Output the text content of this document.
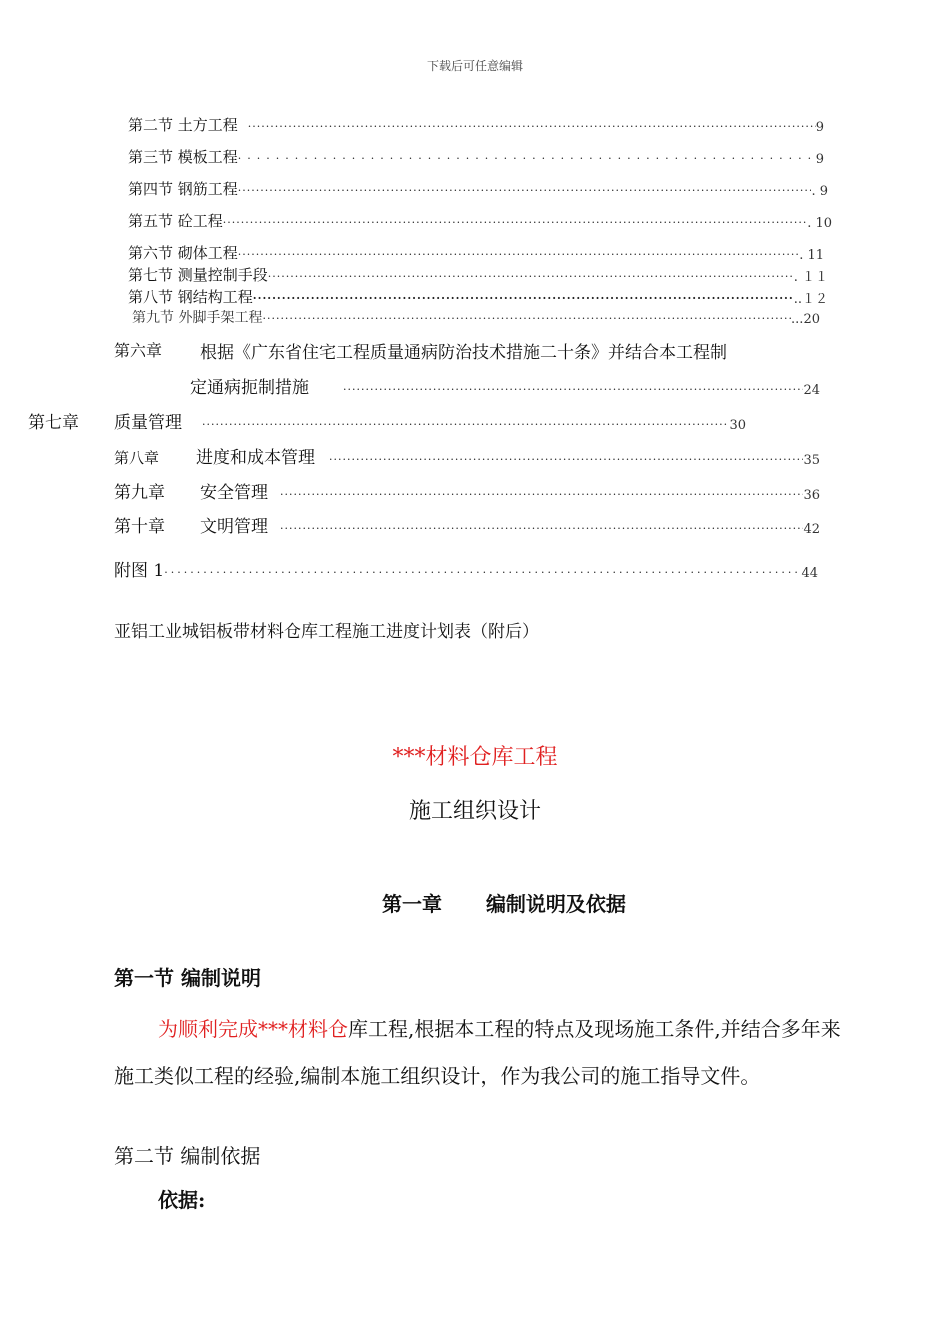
下载后可任意编辑
第二节 土方工程 ·····	9
第三节 模板工程 ·····	9
第四节 钢筋工程 ·····	. 9
第五节 砼工程 ·····	. 10
第六节 砌体工程 ·····	. 11
第七节 测量控制手段 ·····	. １１
第八节 钢结构工程 ·····	..１２
第九节 外脚手架工程 ·····	...20
第六章 根据《广东省住宅工程质量通病防治技术措施二十条》并结合本工程制
定通病扼制措施 ·····	24
第七章 质量管理 ·····	30
第八章	进度和成本管理 ·····	35
第九章	安全管理 ·····	36
第十章	文明管理 ·····	42
附图 1 ·····	44
亚铝工业城铝板带材料仓库工程施工进度计划表（附后）
***材料仓库工程
施工组织设计
第一章 编制说明及依据
第一节 编制说明
为顺利完成***材料仓库工程,根据本工程的特点及现场施工条件,并结合多年来施工类似工程的经验,编制本施工组织设计，作为我公司的施工指导文件。
第二节 编制依据
依据:
